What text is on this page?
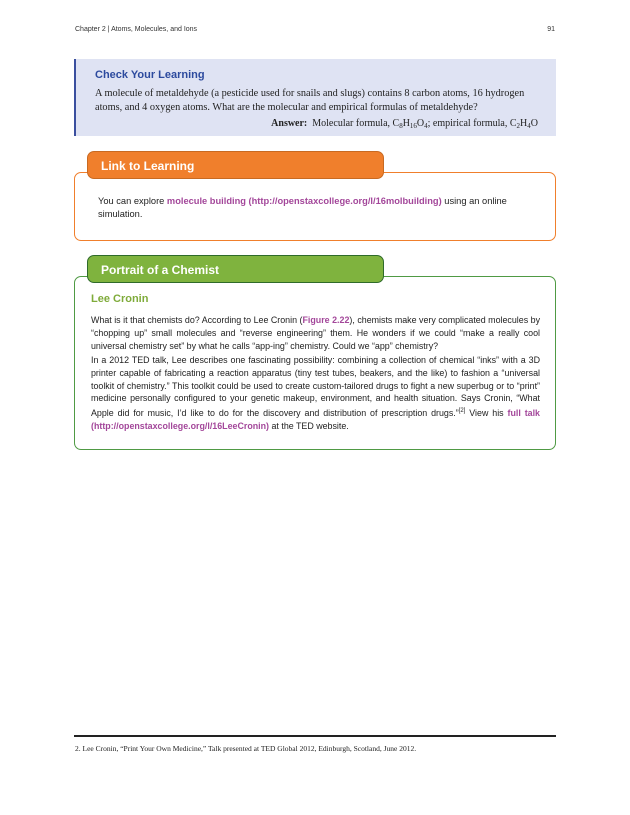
Chapter 2 | Atoms, Molecules, and Ions	91
Check Your Learning
A molecule of metaldehyde (a pesticide used for snails and slugs) contains 8 carbon atoms, 16 hydrogen atoms, and 4 oxygen atoms. What are the molecular and empirical formulas of metaldehyde?
Answer: Molecular formula, $C_8H_{16}O_4$; empirical formula, $C_2H_4O$
Link to Learning
You can explore molecule building (http://openstaxcollege.org/l/16molbuilding) using an online simulation.
Portrait of a Chemist
Lee Cronin

What is it that chemists do? According to Lee Cronin (Figure 2.22), chemists make very complicated molecules by “chopping up” small molecules and “reverse engineering” them. He wonders if we could “make a really cool universal chemistry set” by what he calls “app-ing” chemistry. Could we “app” chemistry?

In a 2012 TED talk, Lee describes one fascinating possibility: combining a collection of chemical “inks” with a 3D printer capable of fabricating a reaction apparatus (tiny test tubes, beakers, and the like) to fashion a “universal toolkit of chemistry.” This toolkit could be used to create custom-tailored drugs to fight a new superbug or to “print” medicine personally configured to your genetic makeup, environment, and health situation. Says Cronin, “What Apple did for music, I’d like to do for the discovery and distribution of prescription drugs.”[2] View his full talk (http://openstaxcollege.org/l/16LeeCronin) at the TED website.

2. Lee Cronin, “Print Your Own Medicine,” Talk presented at TED Global 2012, Edinburgh, Scotland, June 2012.
